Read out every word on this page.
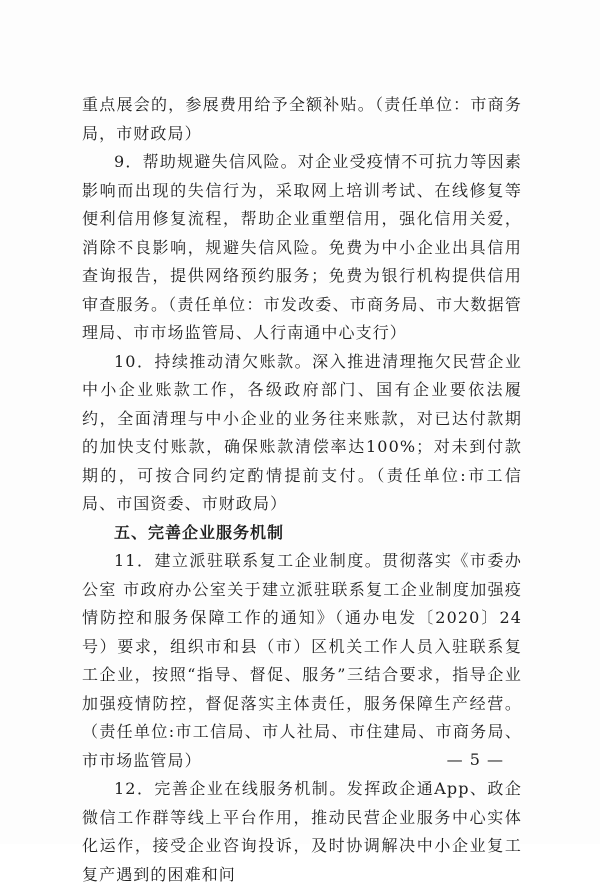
重点展会的，参展费用给予全额补贴。（责任单位：市商务局，市财政局）

9．帮助规避失信风险。对企业受疫情不可抗力等因素影响而出现的失信行为，采取网上培训考试、在线修复等便利信用修复流程，帮助企业重塑信用，强化信用关爱，消除不良影响，规避失信风险。免费为中小企业出具信用查询报告，提供网络预约服务；免费为银行机构提供信用审查服务。（责任单位：市发改委、市商务局、市大数据管理局、市市场监管局、人行南通中心支行）

10．持续推动清欠账款。深入推进清理拖欠民营企业中小企业账款工作，各级政府部门、国有企业要依法履约，全面清理与中小企业的业务往来账款，对已达付款期的加快支付账款，确保账款清偿率达100%；对未到付款期的，可按合同约定酌情提前支付。（责任单位:市工信局、市国资委、市财政局）

五、完善企业服务机制

11．建立派驻联系复工企业制度。贯彻落实《市委办公室 市政府办公室关于建立派驻联系复工企业制度加强疫情防控和服务保障工作的通知》（通办电发〔2020〕24号）要求，组织市和县（市）区机关工作人员入驻联系复工企业，按照“指导、督促、服务”三结合要求，指导企业加强疫情防控，督促落实主体责任，服务保障生产经营。（责任单位:市工信局、市人社局、市住建局、市商务局、市市场监管局）

12．完善企业在线服务机制。发挥政企通App、政企微信工作群等线上平台作用，推动民营企业服务中心实体化运作，接受企业咨询投诉，及时协调解决中小企业复工复产遇到的困难和问

— 5 —
